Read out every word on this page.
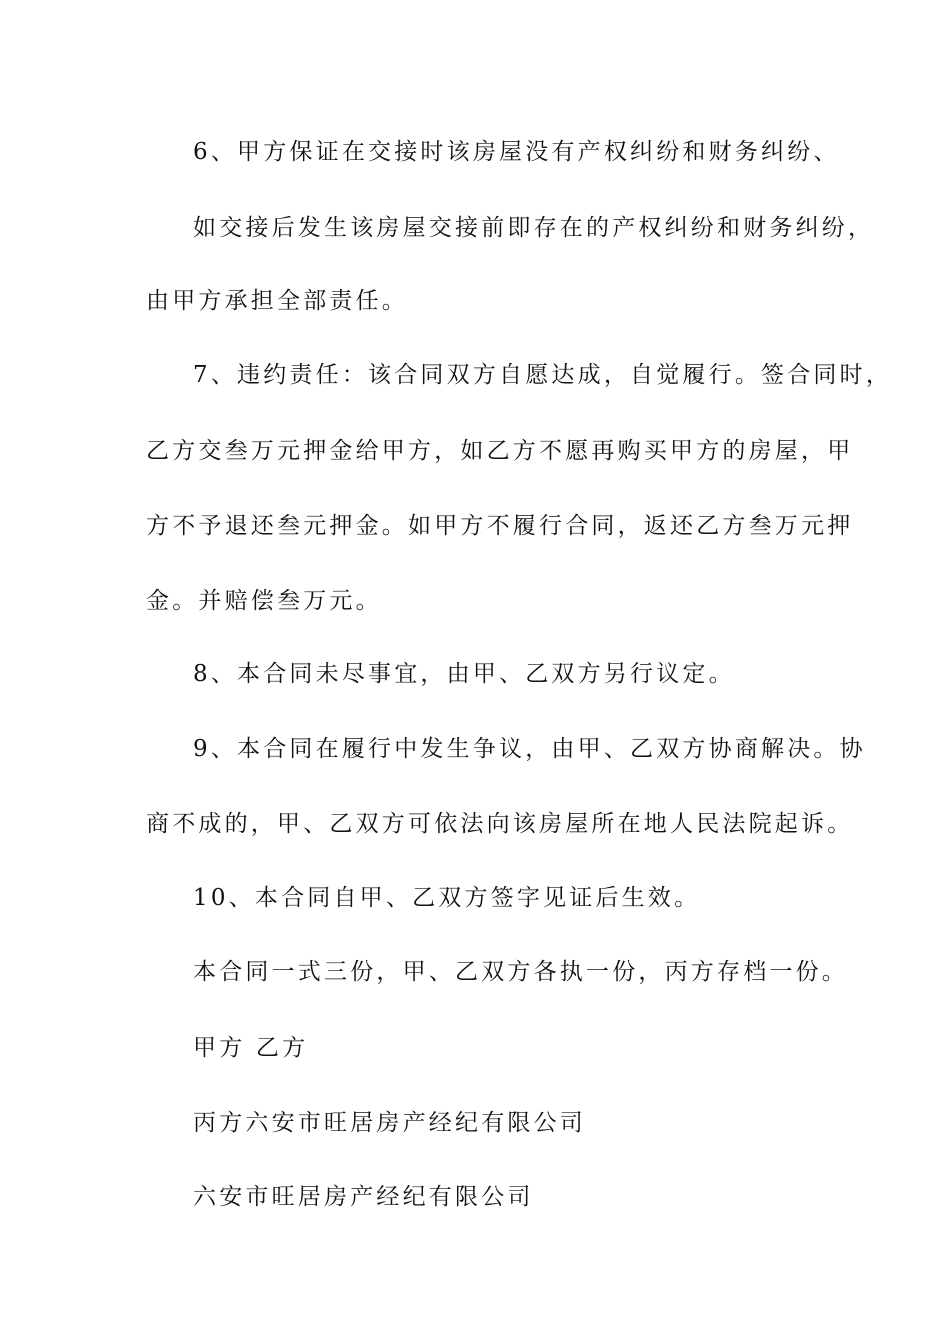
6、甲方保证在交接时该房屋没有产权纠纷和财务纠纷、
如交接后发生该房屋交接前即存在的产权纠纷和财务纠纷，
由甲方承担全部责任。
7、违约责任：该合同双方自愿达成，自觉履行。签合同时，
乙方交叁万元押金给甲方，如乙方不愿再购买甲方的房屋，甲
方不予退还叁元押金。如甲方不履行合同，返还乙方叁万元押
金。并赔偿叁万元。
8、本合同未尽事宜，由甲、乙双方另行议定。
9、本合同在履行中发生争议，由甲、乙双方协商解决。协
商不成的，甲、乙双方可依法向该房屋所在地人民法院起诉。
10、本合同自甲、乙双方签字见证后生效。
本合同一式三份，甲、乙双方各执一份，丙方存档一份。
甲方 乙方
丙方六安市旺居房产经纪有限公司
六安市旺居房产经纪有限公司
